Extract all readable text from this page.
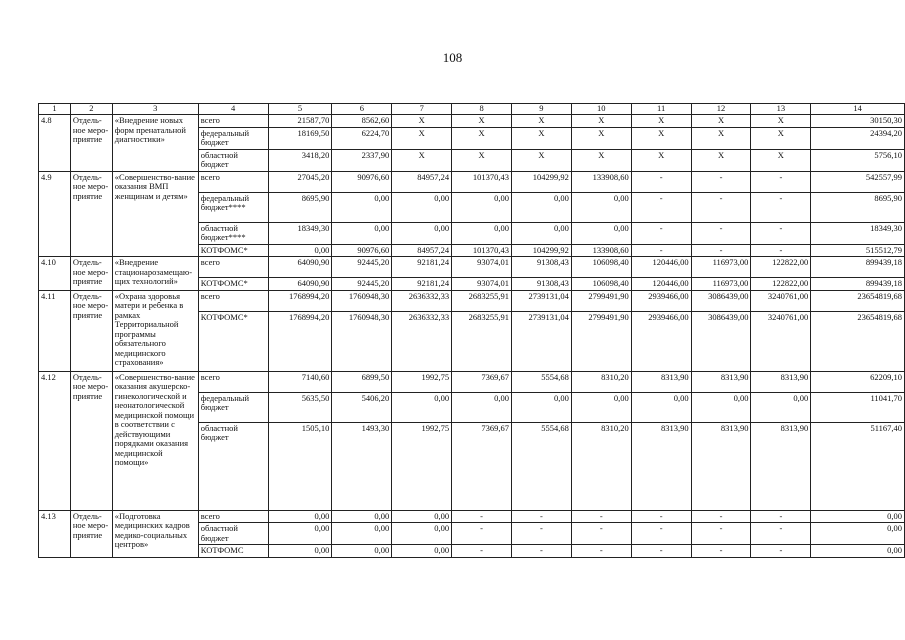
108
1	2	3	4	5	6	7	8	9	10	11	12	13	14
4.8	Отдель-ное меро-приятие	«Внедрение новых форм пренатальной диагностики»	всего	21587,70	8562,60	X	X	X	X	X	X	X	30150,30
			федеральный бюджет	18169,50	6224,70	X	X	X	X	X	X	X	24394,20
			областной бюджет	3418,20	2337,90	X	X	X	X	X	X	X	5756,10
4.9	Отдель-ное меро-приятие	«Совершенство-вание оказания ВМП женщинам и детям»	всего	27045,20	90976,60	84957,24	101370,43	104299,92	133908,60	-	-	-	542557,99
			федеральный бюджет****	8695,90	0,00	0,00	0,00	0,00	0,00	-	-	-	8695,90
			областной бюджет****	18349,30	0,00	0,00	0,00	0,00	0,00	-	-	-	18349,30
			КОТФОМС*	0,00	90976,60	84957,24	101370,43	104299,92	133908,60	-	-	-	515512,79
4.10	Отдель-ное меро-приятие	«Внедрение стационарозамещаю-щих технологий»	всего	64090,90	92445,20	92181,24	93074,01	91308,43	106098,40	120446,00	116973,00	122822,00	899439,18
			КОТФОМС*	64090,90	92445,20	92181,24	93074,01	91308,43	106098,40	120446,00	116973,00	122822,00	899439,18
4.11	Отдель-ное меро-приятие	«Охрана здоровья матери и ребенка в рамках Территориальной программы обязательного медицинского страхования»	всего	1768994,20	1760948,30	2636332,33	2683255,91	2739131,04	2799491,90	2939466,00	3086439,00	3240761,00	23654819,68
			КОТФОМС*	1768994,20	1760948,30	2636332,33	2683255,91	2739131,04	2799491,90	2939466,00	3086439,00	3240761,00	23654819,68
4.12	Отдель-ное меро-приятие	«Совершенство-вание оказания акушерско-гинекологической и неонатологической медицинской помощи в соответствии с действующими порядками оказания медицинской помощи»	всего	7140,60	6899,50	1992,75	7369,67	5554,68	8310,20	8313,90	8313,90	8313,90	62209,10
			федеральный бюджет	5635,50	5406,20	0,00	0,00	0,00	0,00	0,00	0,00	0,00	11041,70
			областной бюджет	1505,10	1493,30	1992,75	7369,67	5554,68	8310,20	8313,90	8313,90	8313,90	51167,40
4.13	Отдель-ное меро-приятие	«Подготовка медицинских кадров медико-социальных центров»	всего	0,00	0,00	0,00	-	-	-	-	-	-	0,00
			областной бюджет	0,00	0,00	0,00	-	-	-	-	-	-	0,00
			КОТФОМС	0,00	0,00	0,00	-	-	-	-	-	-	0,00
